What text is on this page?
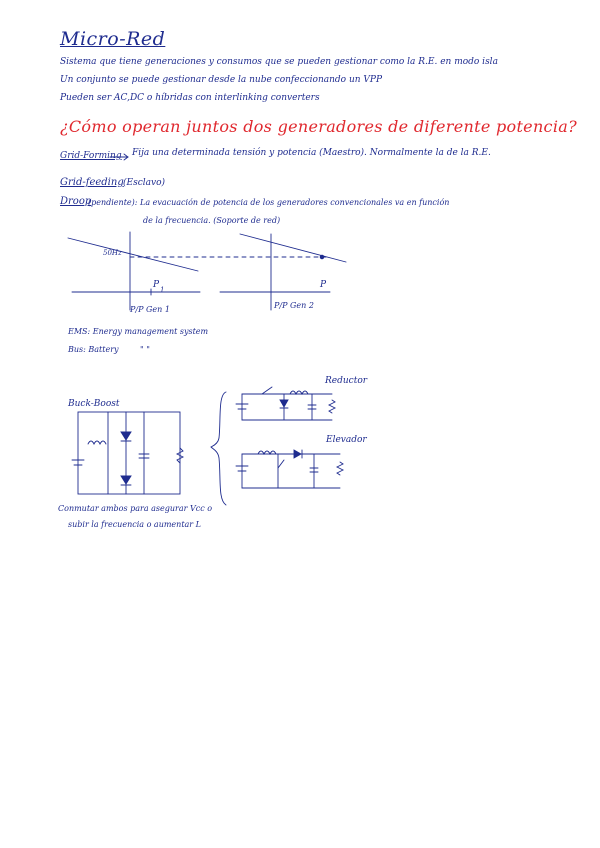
Micro-Red
Sistema que tiene generaciones y consumos que se pueden gestionar como la R.E. en modo isla
Un conjunto se puede gestionar desde la nube confeccionando un VPP
Pueden ser AC,DC o híbridas con interlinking converters
¿Cómo operan juntos dos generadores de diferente potencia?
Grid-Forming Fija una determinada tensión y potencia (Maestro). Normalmente la de la R.E.
Grid-feeding (Esclavo)
Droop
(pendiente): La evacuación de potencia de los generadores convencionales va en función
de la frecuencia. (Soporte de red)
50Hz
P 1
P/P Gen 1
P
P/P Gen 2
EMS: Energy management system
Bus: Battery	" "
Buck-Boost
Reductor
Elevador
Conmutar ambos para asegurar Vcc o
subir la frecuencia o aumentar L
